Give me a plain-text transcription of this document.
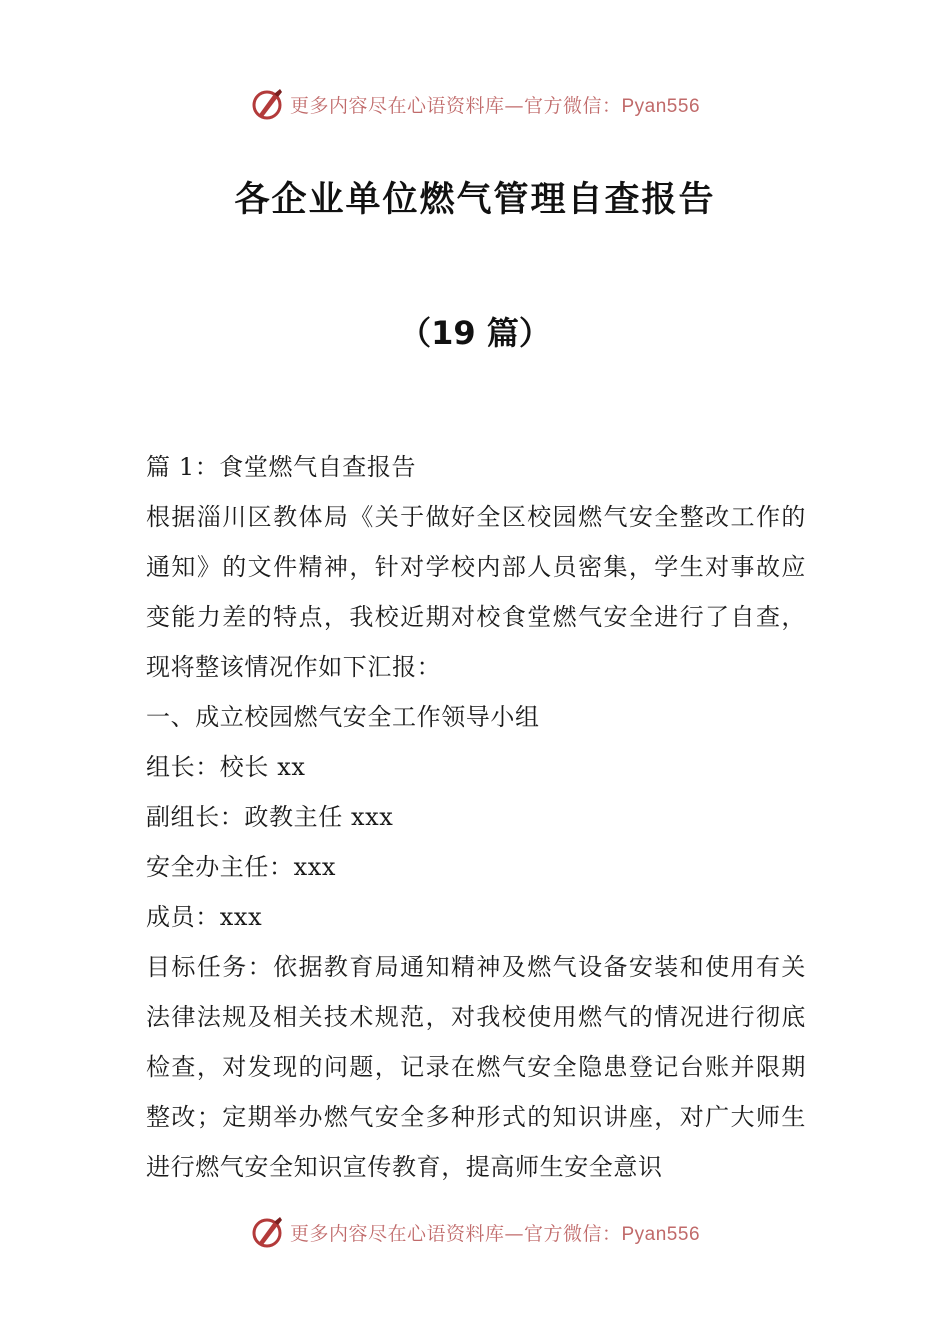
更多内容尽在心语资料库—官方微信：Pyan556
各企业单位燃气管理自查报告
（19 篇）

篇 1：食堂燃气自查报告

根据淄川区教体局《关于做好全区校园燃气安全整改工作的通知》的文件精神，针对学校内部人员密集，学生对事故应变能力差的特点，我校近期对校食堂燃气安全进行了自查，现将整该情况作如下汇报：

一、成立校园燃气安全工作领导小组

组长：校长 xx

副组长：政教主任 xxx

安全办主任：xxx

成员：xxx

目标任务：依据教育局通知精神及燃气设备安装和使用有关法律法规及相关技术规范，对我校使用燃气的情况进行彻底检查，对发现的问题，记录在燃气安全隐患登记台账并限期整改；定期举办燃气安全多种形式的知识讲座，对广大师生进行燃气安全知识宣传教育，提高师生安全意识

更多内容尽在心语资料库—官方微信：Pyan556
